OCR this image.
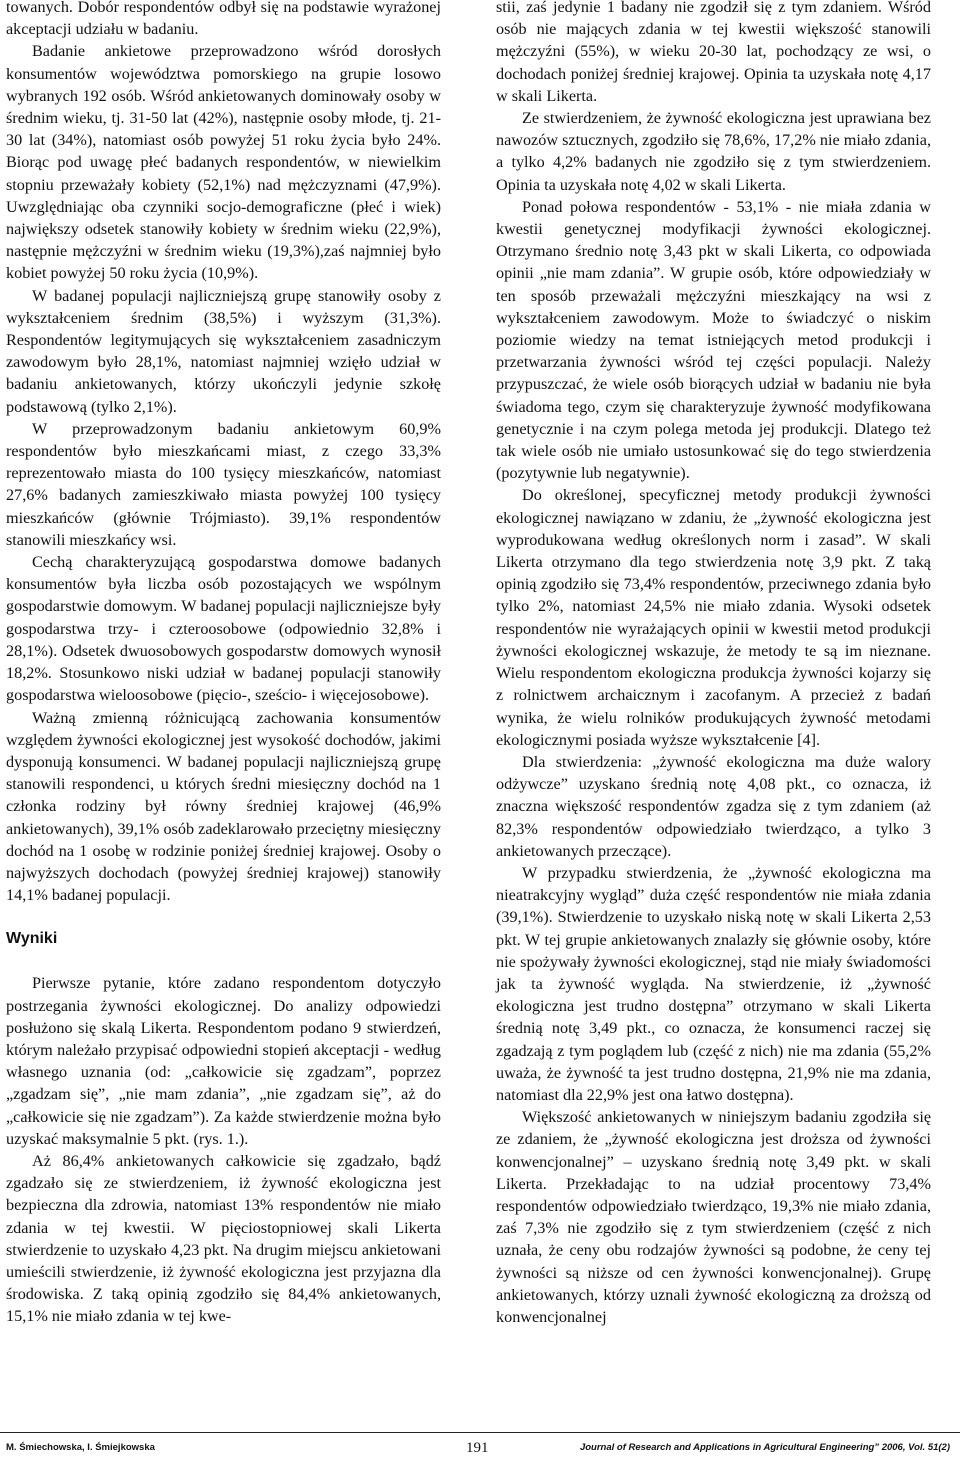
towanych. Dobór respondentów odbył się na podstawie wyrażonej akceptacji udziału w badaniu.

Badanie ankietowe przeprowadzono wśród dorosłych konsumentów województwa pomorskiego na grupie losowo wybranych 192 osób. Wśród ankietowanych dominowały osoby w średnim wieku, tj. 31-50 lat (42%), następnie osoby młode, tj. 21-30 lat (34%), natomiast osób powyżej 51 roku życia było 24%. Biorąc pod uwagę płeć badanych respondentów, w niewielkim stopniu przeważały kobiety (52,1%) nad mężczyznami (47,9%). Uwzględniając oba czynniki socjo-demograficzne (płeć i wiek) największy odsetek stanowiły kobiety w średnim wieku (22,9%), następnie mężczyźni w średnim wieku (19,3%),zaś najmniej było kobiet powyżej 50 roku życia (10,9%).

W badanej populacji najliczniejszą grupę stanowiły osoby z wykształceniem średnim (38,5%) i wyższym (31,3%). Respondentów legitymujących się wykształceniem zasadniczym zawodowym było 28,1%, natomiast najmniej wzięło udział w badaniu ankietowanych, którzy ukończyli jedynie szkołę podstawową (tylko 2,1%).

W przeprowadzonym badaniu ankietowym 60,9% respondentów było mieszkańcami miast, z czego 33,3% reprezentowało miasta do 100 tysięcy mieszkańców, natomiast 27,6% badanych zamieszkiwało miasta powyżej 100 tysięcy mieszkańców (głównie Trójmiasto). 39,1% respondentów stanowili mieszkańcy wsi.

Cechą charakteryzującą gospodarstwa domowe badanych konsumentów była liczba osób pozostających we wspólnym gospodarstwie domowym. W badanej populacji najliczniejsze były gospodarstwa trzy- i czteroosobowe (odpowiednio 32,8% i 28,1%). Odsetek dwuosobowych gospodarstw domowych wynosił 18,2%. Stosunkowo niski udział w badanej populacji stanowiły gospodarstwa wieloosobowe (pięcio-, sześcio- i więcejosobowe).

Ważną zmienną różnicującą zachowania konsumentów względem żywności ekologicznej jest wysokość dochodów, jakimi dysponują konsumenci. W badanej populacji najliczniejszą grupę stanowili respondenci, u których średni miesięczny dochód na 1 członka rodziny był równy średniej krajowej (46,9% ankietowanych), 39,1% osób zadeklarowało przeciętny miesięczny dochód na 1 osobę w rodzinie poniżej średniej krajowej. Osoby o najwyższych dochodach (powyżej średniej krajowej) stanowiły 14,1% badanej populacji.

Wyniki

Pierwsze pytanie, które zadano respondentom dotyczyło postrzegania żywności ekologicznej. Do analizy odpowiedzi posłużono się skalą Likerta. Respondentom podano 9 stwierdzeń, którym należało przypisać odpowiedni stopień akceptacji - według własnego uznania (od: „całkowicie się zgadzam”, poprzez „zgadzam się”, „nie mam zdania”, „nie zgadzam się”, aż do „całkowicie się nie zgadzam”). Za każde stwierdzenie można było uzyskać maksymalnie 5 pkt. (rys. 1.).

Aż 86,4% ankietowanych całkowicie się zgadzało, bądź zgadzało się ze stwierdzeniem, iż żywność ekologiczna jest bezpieczna dla zdrowia, natomiast 13% respondentów nie miało zdania w tej kwestii. W pięciostopniowej skali Likerta stwierdzenie to uzyskało 4,23 pkt. Na drugim miejscu ankietowani umieścili stwierdzenie, iż żywność ekologiczna jest przyjazna dla środowiska. Z taką opinią zgodziło się 84,4% ankietowanych, 15,1% nie miało zdania w tej kwe-

stii, zaś jedynie 1 badany nie zgodził się z tym zdaniem. Wśród osób nie mających zdania w tej kwestii większość stanowili mężczyźni (55%), w wieku 20-30 lat, pochodzący ze wsi, o dochodach poniżej średniej krajowej. Opinia ta uzyskała notę 4,17 w skali Likerta.

Ze stwierdzeniem, że żywność ekologiczna jest uprawiana bez nawozów sztucznych, zgodziło się 78,6%, 17,2% nie miało zdania, a tylko 4,2% badanych nie zgodziło się z tym stwierdzeniem. Opinia ta uzyskała notę 4,02 w skali Likerta.

Ponad połowa respondentów - 53,1% - nie miała zdania w kwestii genetycznej modyfikacji żywności ekologicznej. Otrzymano średnio notę 3,43 pkt w skali Likerta, co odpowiada opinii „nie mam zdania”. W grupie osób, które odpowiedziały w ten sposób przeważali mężczyźni mieszkający na wsi z wykształceniem zawodowym. Może to świadczyć o niskim poziomie wiedzy na temat istniejących metod produkcji i przetwarzania żywności wśród tej części populacji. Należy przypuszczać, że wiele osób biorących udział w badaniu nie była świadoma tego, czym się charakteryzuje żywność modyfikowana genetycznie i na czym polega metoda jej produkcji. Dlatego też tak wiele osób nie umiało ustosunkować się do tego stwierdzenia (pozytywnie lub negatywnie).

Do określonej, specyficznej metody produkcji żywności ekologicznej nawiązano w zdaniu, że „żywność ekologiczna jest wyprodukowana według określonych norm i zasad”. W skali Likerta otrzymano dla tego stwierdzenia notę 3,9 pkt. Z taką opinią zgodziło się 73,4% respondentów, przeciwnego zdania było tylko 2%, natomiast 24,5% nie miało zdania. Wysoki odsetek respondentów nie wyrażających opinii w kwestii metod produkcji żywności ekologicznej wskazuje, że metody te są im nieznane. Wielu respondentom ekologiczna produkcja żywności kojarzy się z rolnictwem archaicznym i zacofanym. A przecież z badań wynika, że wielu rolników produkujących żywność metodami ekologicznymi posiada wyższe wykształcenie [4].

Dla stwierdzenia: „żywność ekologiczna ma duże walory odżywcze” uzyskano średnią notę 4,08 pkt., co oznacza, iż znaczna większość respondentów zgadza się z tym zdaniem (aż 82,3% respondentów odpowiedziało twierdząco, a tylko 3 ankietowanych przeczące).

W przypadku stwierdzenia, że „żywność ekologiczna ma nieatrakcyjny wygląd” duża część respondentów nie miała zdania (39,1%). Stwierdzenie to uzyskało niską notę w skali Likerta 2,53 pkt. W tej grupie ankietowanych znalazły się głównie osoby, które nie spożywały żywności ekologicznej, stąd nie miały świadomości jak ta żywność wygląda. Na stwierdzenie, iż „żywność ekologiczna jest trudno dostępna” otrzymano w skali Likerta średnią notę 3,49 pkt., co oznacza, że konsumenci raczej się zgadzają z tym poglądem lub (część z nich) nie ma zdania (55,2% uważa, że żywność ta jest trudno dostępna, 21,9% nie ma zdania, natomiast dla 22,9% jest ona łatwo dostępna).

Większość ankietowanych w niniejszym badaniu zgodziła się ze zdaniem, że „żywność ekologiczna jest droższa od żywności konwencjonalnej” – uzyskano średnią notę 3,49 pkt. w skali Likerta. Przekładając to na udział procentowy 73,4% respondentów odpowiedziało twierdząco, 19,3% nie miało zdania, zaś 7,3% nie zgodziło się z tym stwierdzeniem (część z nich uznała, że ceny obu rodzajów żywności są podobne, że ceny tej żywności są niższe od cen żywności konwencjonalnej). Grupę ankietowanych, którzy uznali żywność ekologiczną za droższą od konwencjonalnej

M. Śmiechowska, I. Śmiejkowska	191	Journal of Research and Applications in Agricultural Engineering” 2006, Vol. 51(2)
